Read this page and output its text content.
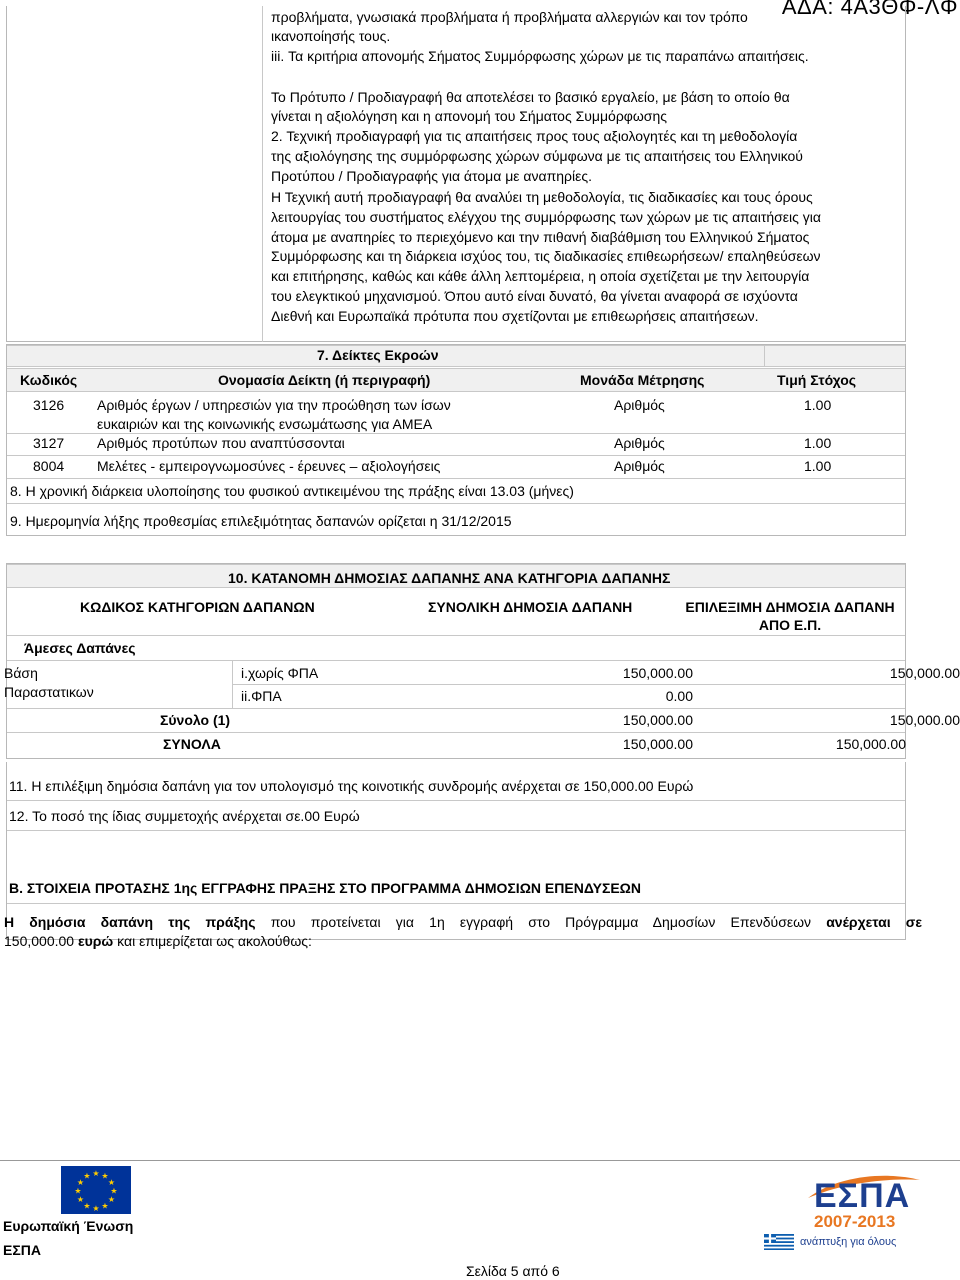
ΑΔΑ: 4Α3ΘΦ-ΛΦ
προβλήματα, γνωσιακά προβλήματα ή προβλήματα αλλεργιών και τον τρόπο
ικανοποίησής τους.
iii. Τα κριτήρια απονομής Σήματος Συμμόρφωσης χώρων με τις παραπάνω απαιτήσεις.
Το Πρότυπο / Προδιαγραφή θα αποτελέσει το βασικό εργαλείο, με βάση το οποίο θα
γίνεται η αξιολόγηση και η απονομή του Σήματος Συμμόρφωσης
2. Τεχνική προδιαγραφή για τις απαιτήσεις προς τους αξιολογητές και τη μεθοδολογία
της αξιολόγησης της συμμόρφωσης χώρων σύμφωνα με τις απαιτήσεις του Ελληνικού
Προτύπου / Προδιαγραφής για άτομα με αναπηρίες.
Η Τεχνική αυτή προδιαγραφή θα αναλύει τη μεθοδολογία, τις διαδικασίες και τους όρους
λειτουργίας του συστήματος ελέγχου της συμμόρφωσης των χώρων με τις απαιτήσεις για
άτομα με αναπηρίες το περιεχόμενο και την πιθανή διαβάθμιση του Ελληνικού Σήματος
Συμμόρφωσης και τη διάρκεια ισχύος του, τις διαδικασίες επιθεωρήσεων/ επαληθεύσεων
και επιτήρησης, καθώς και κάθε άλλη λεπτομέρεια, η οποία σχετίζεται με την λειτουργία
του ελεγκτικού μηχανισμού. Όπου αυτό είναι δυνατό, θα γίνεται αναφορά σε ισχύοντα
Διεθνή και Ευρωπαϊκά πρότυπα που σχετίζονται με επιθεωρήσεις απαιτήσεων.
7. Δείκτες Εκροών
Κωδικός	Ονομασία Δείκτη (ή περιγραφή)	Μονάδα Μέτρησης	Τιμή Στόχος
3126 Αριθμός έργων / υπηρεσιών για την προώθηση των ίσων
ευκαιριών και της κοινωνικής ενσωμάτωσης για ΑΜΕΑ
Αριθμός	1.00
3127 Αριθμός προτύπων που αναπτύσσονται	Αριθμός	1.00
8004 Μελέτες - εμπειρογνωμοσύνες - έρευνες – αξιολογήσεις	Αριθμός	1.00
8. Η χρονική διάρκεια υλοποίησης του φυσικού αντικειμένου της πράξης είναι 13.03 (μήνες)
9. Ημερομηνία λήξης προθεσμίας επιλεξιμότητας δαπανών ορίζεται η 31/12/2015
10. ΚΑΤΑΝΟΜΗ ΔΗΜΟΣΙΑΣ ΔΑΠΑΝΗΣ ΑΝΑ ΚΑΤΗΓΟΡΙΑ ΔΑΠΑΝΗΣ
ΚΩΔΙΚΟΣ ΚΑΤΗΓΟΡΙΩΝ ΔΑΠΑΝΩΝ	ΣΥΝΟΛΙΚΗ ΔΗΜΟΣΙΑ ΔΑΠΑΝΗ	ΕΠΙΛΕΞΙΜΗ ΔΗΜΟΣΙΑ ΔΑΠΑΝΗ
ΑΠΟ Ε.Π.
Άμεσες Δαπάνες
Βάση
Παραστατικων
i.χωρίς ΦΠΑ	150,000.00	150,000.00
ii.ΦΠΑ	0.00
Σύνολο (1)	150,000.00	150,000.00
ΣΥΝΟΛΑ	150,000.00	150,000.00
11. Η επιλέξιμη δημόσια δαπάνη για τον υπολογισμό της κοινοτικής συνδρομής ανέρχεται σε 150,000.00 Ευρώ
12. Το ποσό της ίδιας συμμετοχής ανέρχεται σε.00 Ευρώ
Β. ΣΤΟΙΧΕΙΑ ΠΡΟΤΑΣΗΣ 1ης ΕΓΓΡΑΦΗΣ ΠΡΑΞΗΣ ΣΤΟ ΠΡΟΓΡΑΜΜΑ ΔΗΜΟΣΙΩΝ ΕΠΕΝΔΥΣΕΩΝ
Η δημόσια δαπάνη της πράξης που προτείνεται για 1η εγγραφή στο Πρόγραμμα Δημοσίων Επενδύσεων ανέρχεται σε
150,000.00 ευρώ και επιμερίζεται ως ακολούθως:
★ ★
★
★
★
★
★
★
★
★
★
★
Ευρωπαϊκή Ένωση
ΕΣΠΑ
Σελίδα 5 από 6
ΕΣΠΑ
2007-2013
ανάπτυξη για όλους
